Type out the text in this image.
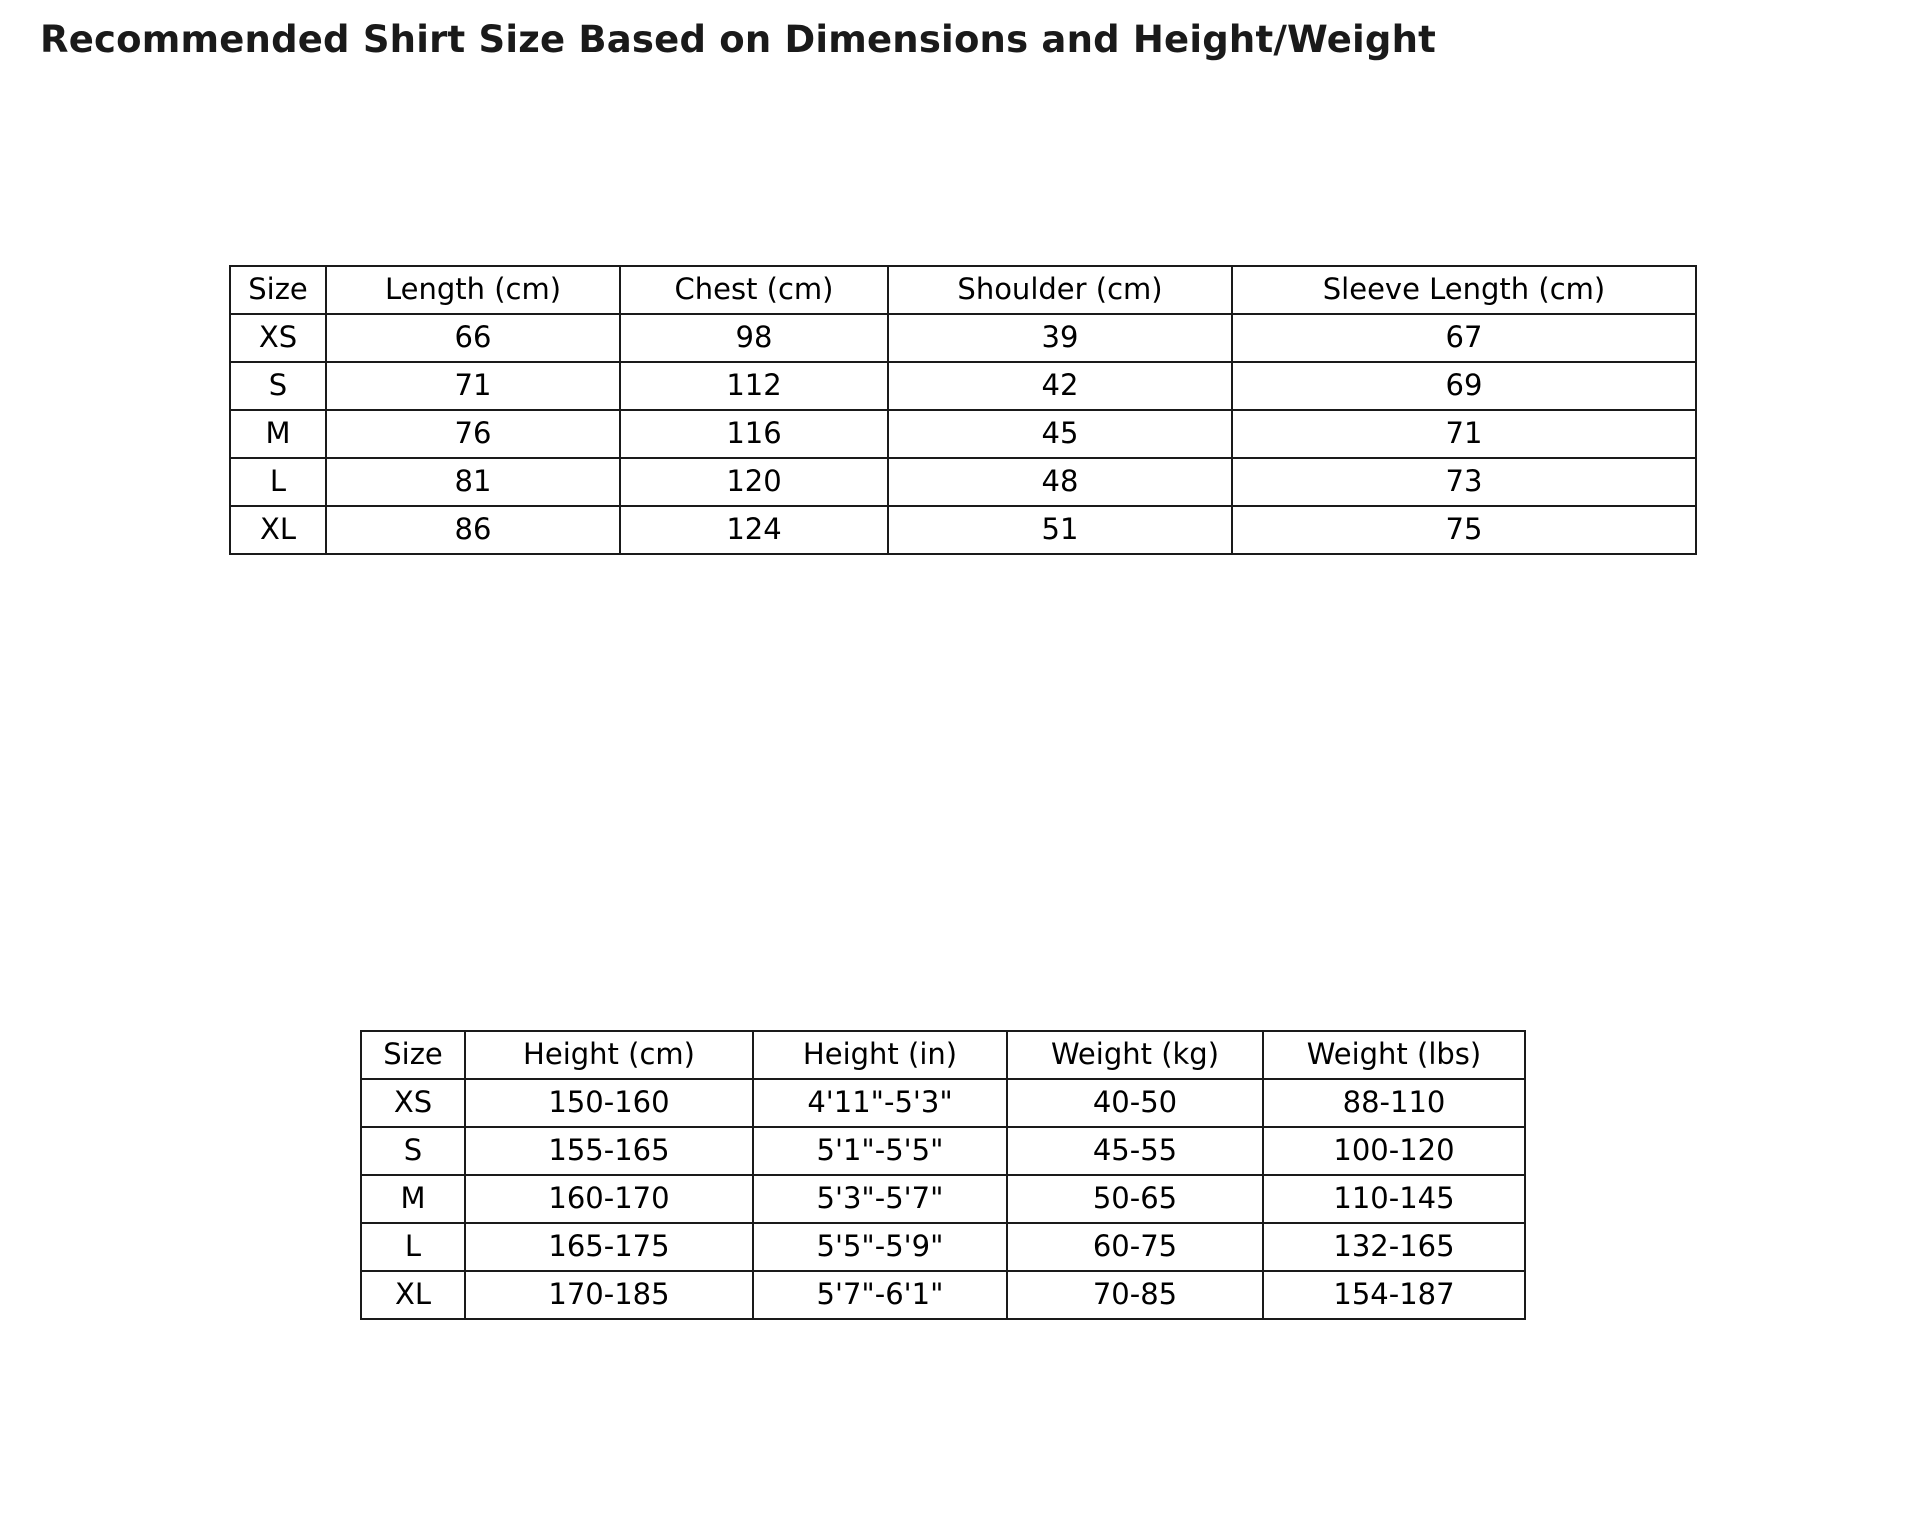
Recommended Shirt Size Based on Dimensions and Height/Weight
Size	Length (cm)	Chest (cm)	Shoulder (cm)	Sleeve Length (cm)
XS	66	98	39	67
S	71	112	42	69
M	76	116	45	71
L	81	120	48	73
XL	86	124	51	75
Size	Height (cm)	Height (in)	Weight (kg)	Weight (lbs)
XS	150-160	4'11"-5'3"	40-50	88-110
S	155-165	5'1"-5'5"	45-55	100-120
M	160-170	5'3"-5'7"	50-65	110-145
L	165-175	5'5"-5'9"	60-75	132-165
XL	170-185	5'7"-6'1"	70-85	154-187
